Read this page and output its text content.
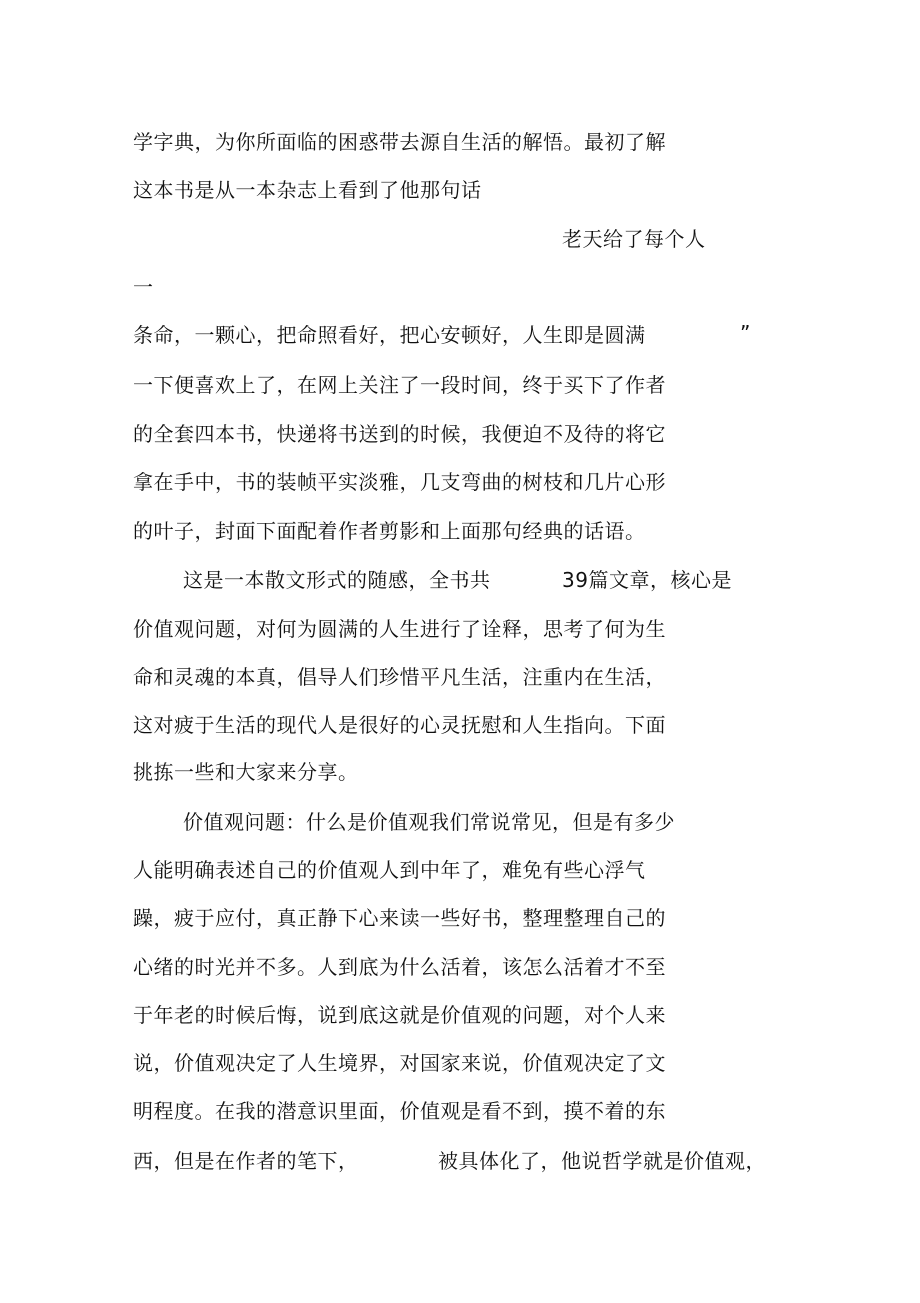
学字典，为你所面临的困惑带去源自生活的解悟。最初了解
这本书是从一本杂志上看到了他那句话
老天给了每个人
一
条命，一颗心，把命照看好，把心安顿好，人生即是圆满	”
一下便喜欢上了，在网上关注了一段时间，终于买下了作者
的全套四本书，快递将书送到的时候，我便迫不及待的将它
拿在手中，书的装帧平实淡雅，几支弯曲的树枝和几片心形
的叶子，封面下面配着作者剪影和上面那句经典的话语。
这是一本散文形式的随感，全书共	39篇文章，核心是
价值观问题，对何为圆满的人生进行了诠释，思考了何为生
命和灵魂的本真，倡导人们珍惜平凡生活，注重内在生活，
这对疲于生活的现代人是很好的心灵抚慰和人生指向。下面
挑拣一些和大家来分享。
价值观问题：什么是价值观我们常说常见，但是有多少
人能明确表述自己的价值观人到中年了，难免有些心浮气
躁，疲于应付，真正静下心来读一些好书，整理整理自己的
心绪的时光并不多。人到底为什么活着，该怎么活着才不至
于年老的时候后悔，说到底这就是价值观的问题，对个人来
说，价值观决定了人生境界，对国家来说，价值观决定了文
明程度。在我的潜意识里面，价值观是看不到，摸不着的东
西，但是在作者的笔下，	被具体化了，他说哲学就是价值观，
